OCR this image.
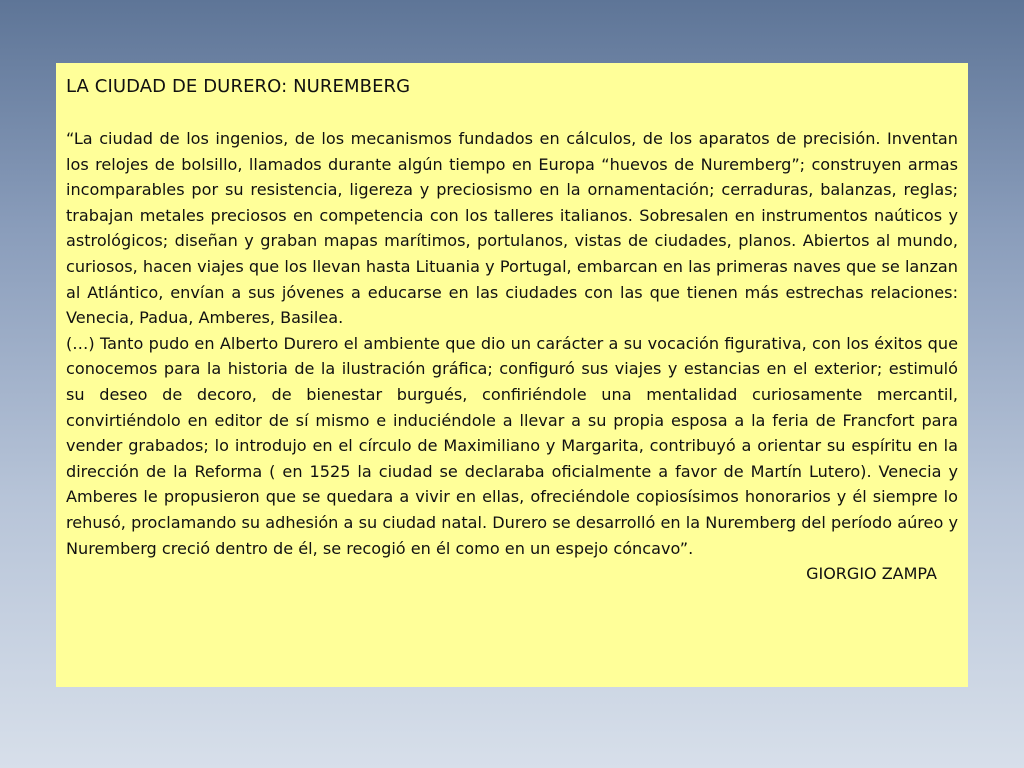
LA CIUDAD DE DURERO: NUREMBERG

“La ciudad de los ingenios, de los mecanismos fundados en cálculos, de los aparatos de precisión. Inventan los relojes de bolsillo, llamados durante algún tiempo en Europa “huevos de Nuremberg”; construyen armas incomparables por su resistencia, ligereza y preciosismo en la ornamentación; cerraduras, balanzas, reglas; trabajan metales preciosos en competencia con los talleres italianos. Sobresalen en instrumentos naúticos y astrológicos; diseñan y graban mapas marítimos, portulanos, vistas de ciudades, planos. Abiertos al mundo, curiosos, hacen viajes que los llevan hasta Lituania y Portugal, embarcan en las primeras naves que se lanzan al Atlántico, envían a sus jóvenes a educarse en las ciudades con las que tienen más estrechas relaciones: Venecia, Padua, Amberes, Basilea.

(…) Tanto pudo en Alberto Durero el ambiente que dio un carácter a su vocación figurativa, con los éxitos que conocemos para la historia de la ilustración gráfica; configuró sus viajes y estancias en el exterior; estimuló su deseo de decoro, de bienestar burgués, confiriéndole una mentalidad curiosamente mercantil, convirtiéndolo en editor de sí mismo e induciéndole a llevar a su propia esposa a la feria de Francfort para vender grabados; lo introdujo en el círculo de Maximiliano y Margarita, contribuyó a orientar su espíritu en la dirección de la Reforma ( en 1525 la ciudad se declaraba oficialmente a favor de Martín Lutero). Venecia y Amberes le propusieron que se quedara a vivir en ellas, ofreciéndole copiosísimos honorarios y él siempre lo rehusó, proclamando su adhesión a su ciudad natal. Durero se desarrolló en la Nuremberg del período aúreo y Nuremberg creció dentro de él, se recogió en él como en un espejo cóncavo”.

GIORGIO ZAMPA
